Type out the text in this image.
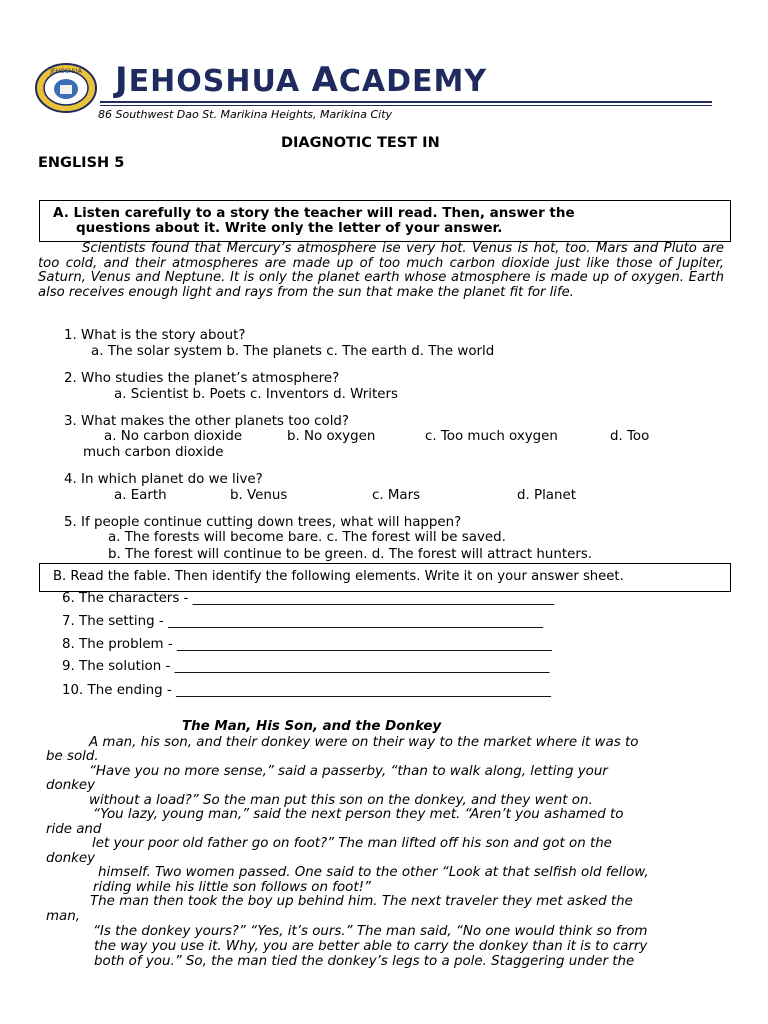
JEHOSHUA JEHOSHUA ACADEMY
86 Southwest Dao St. Marikina Heights, Marikina City
DIAGNOTIC TEST IN
ENGLISH 5
A. Listen carefully to a story the teacher will read. Then, answer the
questions about it. Write only the letter of your answer.
Scientists found that Mercury’s atmosphere ise very hot. Venus is hot, too. Mars and Pluto are too cold, and their atmospheres are made up of too much carbon dioxide just like those of Jupiter, Saturn, Venus and Neptune. It is only the planet earth whose atmosphere is made up of oxygen. Earth also receives enough light and rays from the sun that make the planet fit for life.
1. What is the story about?
a. The solar system b. The planets c. The earth d. The world
2. Who studies the planet’s atmosphere?
a. Scientist b. Poets c. Inventors d. Writers
3. What makes the other planets too cold?
a. No carbon dioxide	b. No oxygen	c. Too much oxygen	d. Too
much carbon dioxide
4. In which planet do we live?
a. Earth	b. Venus	c. Mars	d. Planet
5. If people continue cutting down trees, what will happen?
a. The forests will become bare. c. The forest will be saved.
b. The forest will continue to be green. d. The forest will attract hunters.
B. Read the fable. Then identify the following elements. Write it on your answer sheet.
6. The characters - ______________________________________________________
7. The setting - ________________________________________________________
8. The problem - ________________________________________________________
9. The solution - ________________________________________________________
10. The ending - ________________________________________________________
The Man, His Son, and the Donkey
A man, his son, and their donkey were on their way to the market where it was to
be sold.
“Have you no more sense,” said a passerby, “than to walk along, letting your
donkey
without a load?” So the man put this son on the donkey, and they went on.
“You lazy, young man,” said the next person they met. “Aren’t you ashamed to
ride and
let your poor old father go on foot?” The man lifted off his son and got on the
donkey
himself. Two women passed. One said to the other “Look at that selfish old fellow,
riding while his little son follows on foot!”
The man then took the boy up behind him. The next traveler they met asked the
man,
“Is the donkey yours?” “Yes, it’s ours.” The man said, “No one would think so from
the way you use it. Why, you are better able to carry the donkey than it is to carry
both of you.” So, the man tied the donkey’s legs to a pole. Staggering under the
